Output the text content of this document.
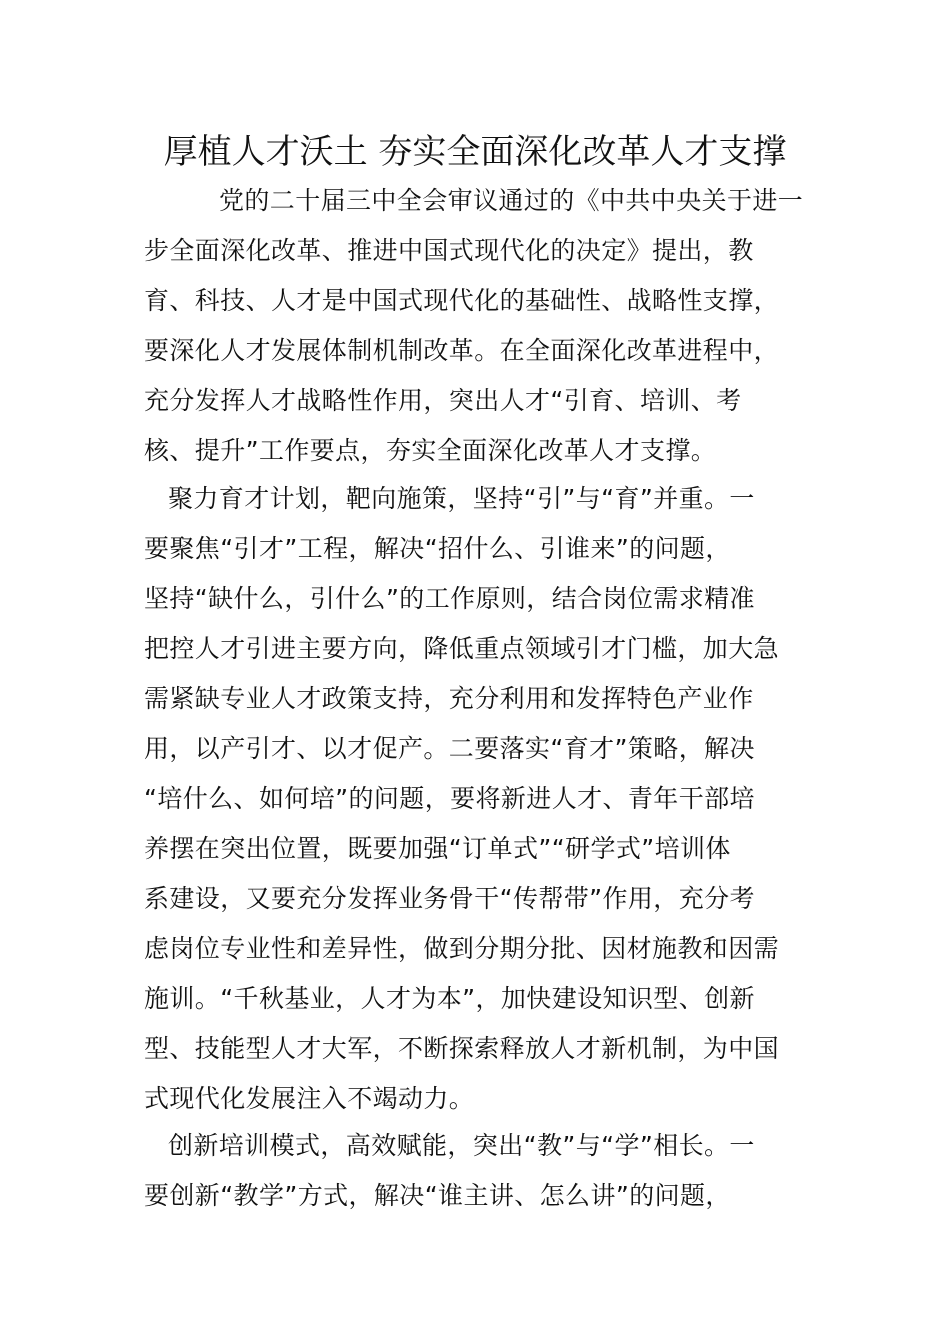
厚植人才沃土 夯实全面深化改革人才支撑
党的二十届三中全会审议通过的《中共中央关于进一
步全面深化改革、推进中国式现代化的决定》提出，教
育、科技、人才是中国式现代化的基础性、战略性支撑，
要深化人才发展体制机制改革。在全面深化改革进程中，
充分发挥人才战略性作用，突出人才“引育、培训、考
核、提升”工作要点，夯实全面深化改革人才支撑。
聚力育才计划，靶向施策，坚持“引”与“育”并重。一
要聚焦“引才”工程，解决“招什么、引谁来”的问题，
坚持“缺什么，引什么”的工作原则，结合岗位需求精准
把控人才引进主要方向，降低重点领域引才门槛，加大急
需紧缺专业人才政策支持，充分利用和发挥特色产业作
用，以产引才、以才促产。二要落实“育才”策略，解决
“培什么、如何培”的问题，要将新进人才、青年干部培
养摆在突出位置，既要加强“订单式”“研学式”培训体
系建设，又要充分发挥业务骨干“传帮带”作用，充分考
虑岗位专业性和差异性，做到分期分批、因材施教和因需
施训。“千秋基业，人才为本”，加快建设知识型、创新
型、技能型人才大军，不断探索释放人才新机制，为中国
式现代化发展注入不竭动力。
创新培训模式，高效赋能，突出“教”与“学”相长。一
要创新“教学”方式，解决“谁主讲、怎么讲”的问题，
